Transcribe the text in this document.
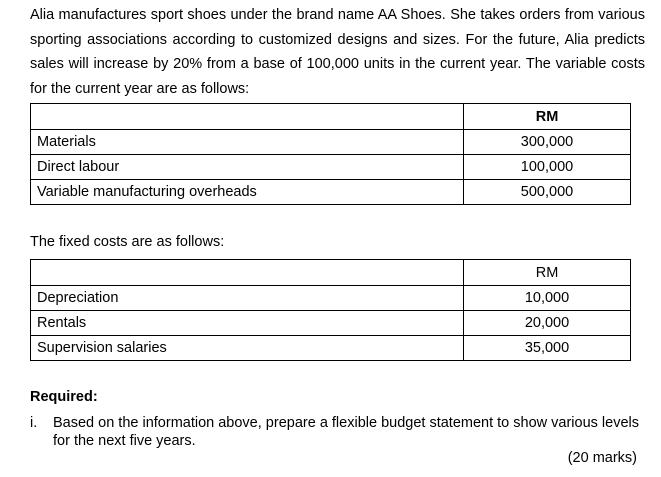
Alia manufactures sport shoes under the brand name AA Shoes. She takes orders from various sporting associations according to customized designs and sizes. For the future, Alia predicts sales will increase by 20% from a base of 100,000 units in the current year. The variable costs for the current year are as follows:

	RM
Materials	300,000
Direct labour	100,000
Variable manufacturing overheads	500,000

The fixed costs are as follows:

	RM
Depreciation	10,000
Rentals	20,000
Supervision salaries	35,000

Required:

i. Based on the information above, prepare a flexible budget statement to show various levels for the next five years.

(20 marks)
